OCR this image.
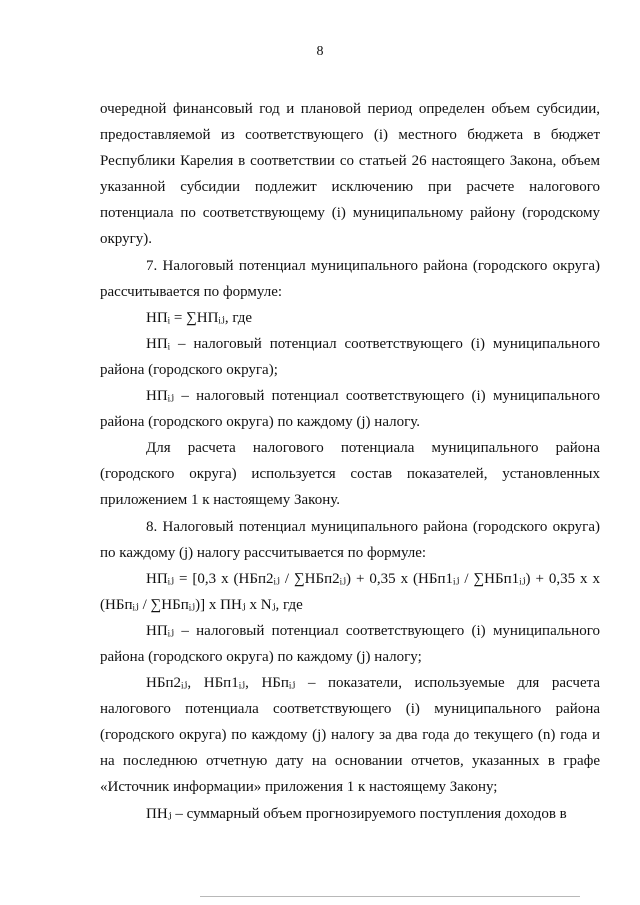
8

очередной финансовый год и плановой период определен объем субсидии, предоставляемой из соответствующего (i) местного бюджета в бюджет Республики Карелия в соответствии со статьей 26 настоящего Закона, объем указанной субсидии подлежит исключению при расчете налогового потенциала по соответствующему (i) муниципальному району (городскому округу).

7. Налоговый потенциал муниципального района (городского округа) рассчитывается по формуле:

НПᵢ = ∑НПᵢⱼ, где

НПᵢ – налоговый потенциал соответствующего (i) муниципального района (городского округа);

НПᵢⱼ – налоговый потенциал соответствующего (i) муниципального района (городского округа) по каждому (j) налогу.

Для расчета налогового потенциала муниципального района (городского округа) используется состав показателей, установленных приложением 1 к настоящему Закону.

8. Налоговый потенциал муниципального района (городского округа) по каждому (j) налогу рассчитывается по формуле:

НПᵢⱼ = [0,3 х (НБп2ᵢⱼ / ∑НБп2ᵢⱼ) + 0,35 х (НБп1ᵢⱼ / ∑НБп1ᵢⱼ) + 0,35 х х (НБпᵢⱼ / ∑НБпᵢⱼ)] х ПНⱼ х Nⱼ, где

НПᵢⱼ – налоговый потенциал соответствующего (i) муниципального района (городского округа) по каждому (j) налогу;

НБп2ᵢⱼ, НБп1ᵢⱼ, НБпᵢⱼ – показатели, используемые для расчета налогового потенциала соответствующего (i) муниципального района (городского округа) по каждому (j) налогу за два года до текущего (n) года и на последнюю отчетную дату на основании отчетов, указанных в графе «Источник информации» приложения 1 к настоящему Закону;

ПНⱼ – суммарный объем прогнозируемого поступления доходов в
